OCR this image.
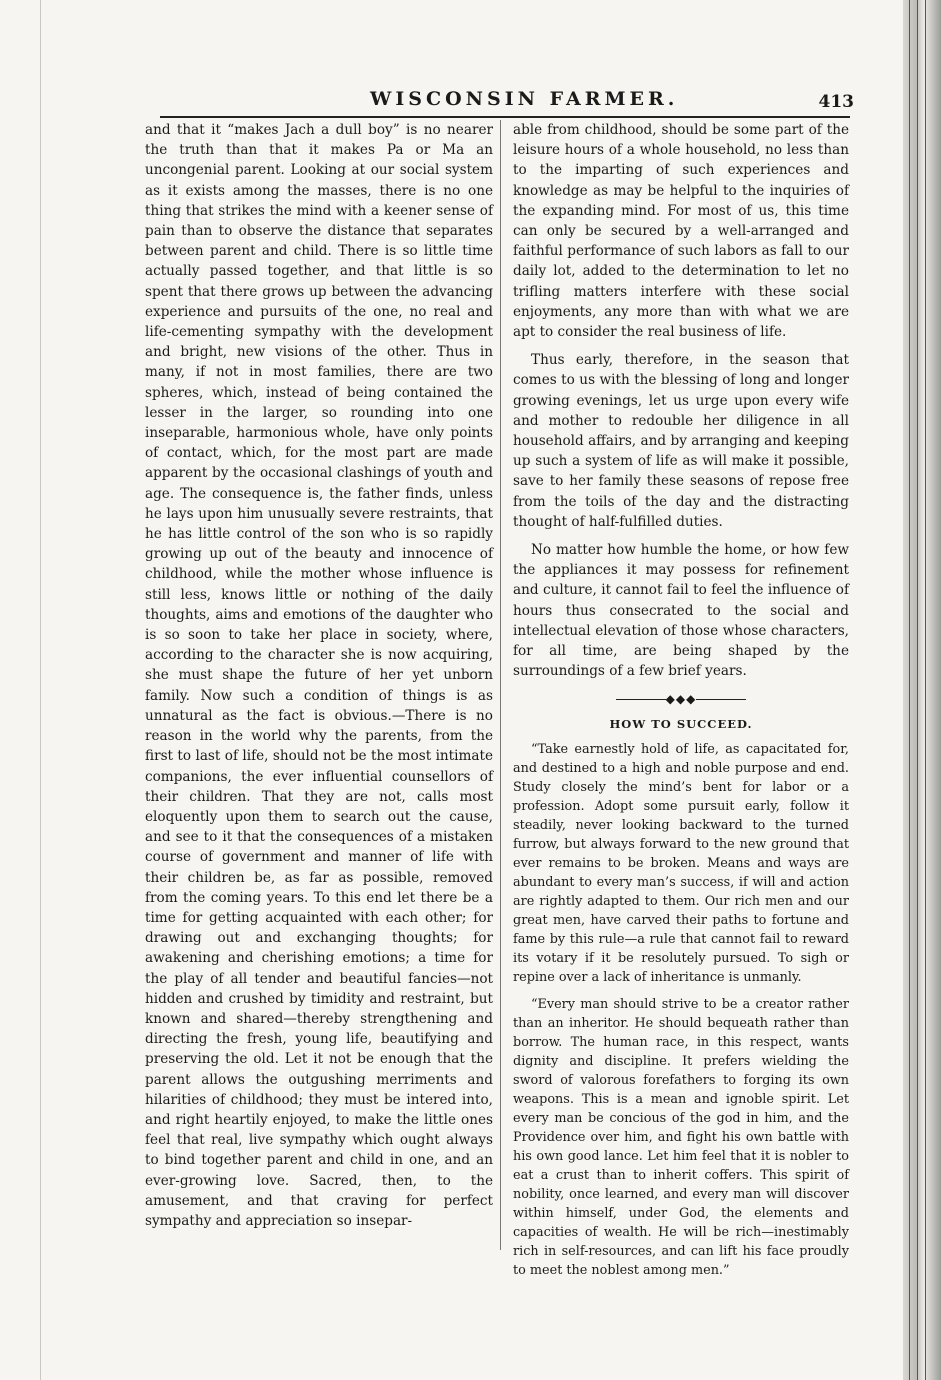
WISCONSIN FARMER.	413

and that it “makes Jach a dull boy” is no nearer the truth than that it makes Pa or Ma an uncongenial parent. Looking at our social system as it exists among the masses, there is no one thing that strikes the mind with a keener sense of pain than to observe the distance that separates between parent and child. There is so little time actually passed together, and that little is so spent that there grows up between the advancing experience and pursuits of the one, no real and life-cementing sympathy with the development and bright, new visions of the other. Thus in many, if not in most families, there are two spheres, which, instead of being contained the lesser in the larger, so rounding into one inseparable, harmonious whole, have only points of contact, which, for the most part are made apparent by the occasional clashings of youth and age. The consequence is, the father finds, unless he lays upon him unusually severe restraints, that he has little control of the son who is so rapidly growing up out of the beauty and innocence of childhood, while the mother whose influence is still less, knows little or nothing of the daily thoughts, aims and emotions of the daughter who is so soon to take her place in society, where, according to the character she is now acquiring, she must shape the future of her yet unborn family. Now such a condition of things is as unnatural as the fact is obvious.—There is no reason in the world why the parents, from the first to last of life, should not be the most intimate companions, the ever influential counsellors of their children. That they are not, calls most eloquently upon them to search out the cause, and see to it that the consequences of a mistaken course of government and manner of life with their children be, as far as possible, removed from the coming years. To this end let there be a time for getting acquainted with each other; for drawing out and exchanging thoughts; for awakening and cherishing emotions; a time for the play of all tender and beautiful fancies—not hidden and crushed by timidity and restraint, but known and shared—thereby strengthening and directing the fresh, young life, beautifying and preserving the old. Let it not be enough that the parent allows the outgushing merriments and hilarities of childhood; they must be intered into, and right heartily enjoyed, to make the little ones feel that real, live sympathy which ought always to bind together parent and child in one, and an ever-growing love. Sacred, then, to the amusement, and that craving for perfect sympathy and appreciation so insepar-

able from childhood, should be some part of the leisure hours of a whole household, no less than to the imparting of such experiences and knowledge as may be helpful to the inquiries of the expanding mind. For most of us, this time can only be secured by a well-arranged and faithful performance of such labors as fall to our daily lot, added to the determination to let no trifling matters interfere with these social enjoyments, any more than with what we are apt to consider the real business of life.

Thus early, therefore, in the season that comes to us with the blessing of long and longer growing evenings, let us urge upon every wife and mother to redouble her diligence in all household affairs, and by arranging and keeping up such a system of life as will make it possible, save to her family these seasons of repose free from the toils of the day and the distracting thought of half-fulfilled duties.

No matter how humble the home, or how few the appliances it may possess for refinement and culture, it cannot fail to feel the influence of hours thus consecrated to the social and intellectual elevation of those whose characters, for all time, are being shaped by the surroundings of a few brief years.

◆◆◆
HOW TO SUCCEED.

“Take earnestly hold of life, as capacitated for, and destined to a high and noble purpose and end. Study closely the mind’s bent for labor or a profession. Adopt some pursuit early, follow it steadily, never looking backward to the turned furrow, but always forward to the new ground that ever remains to be broken. Means and ways are abundant to every man’s success, if will and action are rightly adapted to them. Our rich men and our great men, have carved their paths to fortune and fame by this rule—a rule that cannot fail to reward its votary if it be resolutely pursued. To sigh or repine over a lack of inheritance is unmanly.

“Every man should strive to be a creator rather than an inheritor. He should bequeath rather than borrow. The human race, in this respect, wants dignity and discipline. It prefers wielding the sword of valorous forefathers to forging its own weapons. This is a mean and ignoble spirit. Let every man be concious of the god in him, and the Providence over him, and fight his own battle with his own good lance. Let him feel that it is nobler to eat a crust than to inherit coffers. This spirit of nobility, once learned, and every man will discover within himself, under God, the elements and capacities of wealth. He will be rich—inestimably rich in self-resources, and can lift his face proudly to meet the noblest among men.”
